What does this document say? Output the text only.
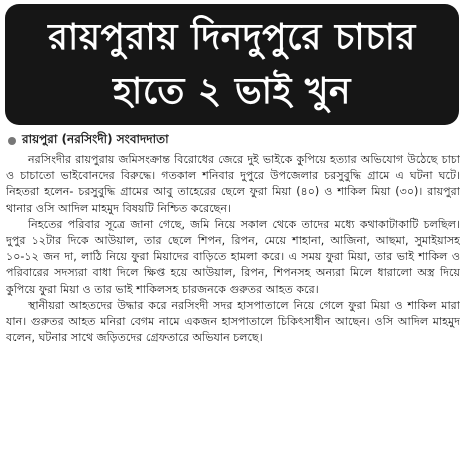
রায়পুরায় দিনদুপুরে চাচার
হাতে ২ ভাই খুন
রায়পুরা (নরসিংদী) সংবাদদাতা

নরসিংদীর রায়পুরায় জমিসংক্রান্ত বিরোধের জেরে দুই ভাইকে কুপিয়ে হত্যার অভিযোগ উঠেছে চাচা ও চাচাতো ভাইবোনদের বিরুদ্ধে। গতকাল শনিবার দুপুরে উপজেলার চরসুবুদ্ধি গ্রামে এ ঘটনা ঘটে। নিহতরা হলেন- চরসুবুদ্ধি গ্রামের আবু তাহেরের ছেলে ফুরা মিয়া (৪০) ও শাকিল মিয়া (৩০)। রায়পুরা থানার ওসি আদিল মাহমুদ বিষয়টি নিশ্চিত করেছেন।

নিহতের পরিবার সূত্রে জানা গেছে, জমি নিয়ে সকাল থেকে তাদের মধ্যে কথাকাটাকাটি চলছিল। দুপুর ১২টার দিকে আউয়াল, তার ছেলে শিপন, রিপন, মেয়ে শাহানা, আজিনা, আছমা, সুমাইয়াসহ ১০-১২ জন দা, লাঠি নিয়ে ফুরা মিয়াদের বাড়িতে হামলা করে। এ সময় ফুরা মিয়া, তার ভাই শাকিল ও পরিবারের সদস্যরা বাধা দিলে ক্ষিপ্ত হয়ে আউয়াল, রিপন, শিপনসহ অন্যরা মিলে ধারালো অস্ত্র দিয়ে কুপিয়ে ফুরা মিয়া ও তার ভাই শাকিলসহ চারজনকে গুরুতর আহত করে।

স্থানীয়রা আহতদের উদ্ধার করে নরসিংদী সদর হাসপাতালে নিয়ে গেলে ফুরা মিয়া ও শাকিল মারা যান। গুরুতর আহত মনিরা বেগম নামে একজন হাসপাতালে চিকিৎসাধীন আছেন। ওসি আদিল মাহমুদ বলেন, ঘটনার সাথে জড়িতদের গ্রেফতারে অভিযান চলছে।
